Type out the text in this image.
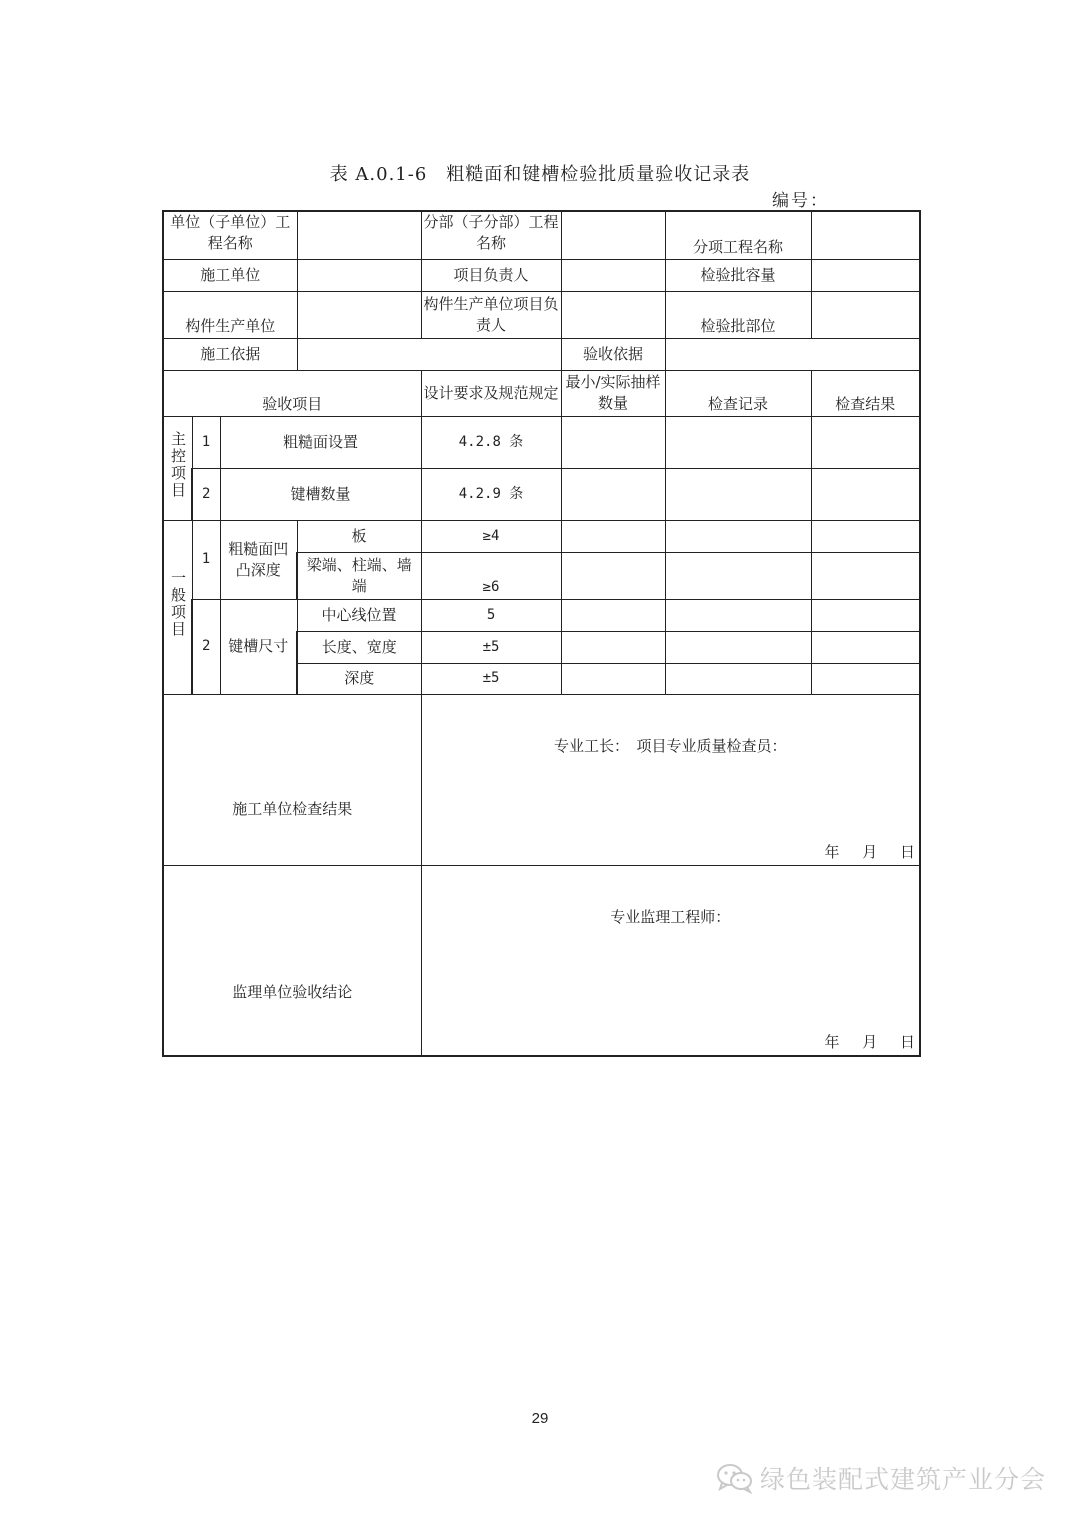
表 A.0.1-6　粗糙面和键槽检验批质量验收记录表
编号：
单位（子单位）工程名称				分部（子分部）工程名称		分项工程名称	
施工单位				项目负责人		检验批容量	
构件生产单位				构件生产单位项目负责人		检验批部位	
施工依据					验收依据		
验收项目				设计要求及规范规定	最小/实际抽样数量	检查记录	检查结果
主控项目	1	粗糙面设置		4.2.8 条			
	2	键槽数量		4.2.9 条			
一般项目	1	粗糙面凹凸深度	板	≥4			
			梁端、柱端、墙端	≥6			
	2	键槽尺寸	中心线位置	5			
			长度、宽度	±5			
			深度	±5			
施工单位检查结果				专业工长：　项目专业质量检查员：
年 月 日			

监理单位验收结论				专业监理工程师：
年 月 日			
29
绿色装配式建筑产业分会
